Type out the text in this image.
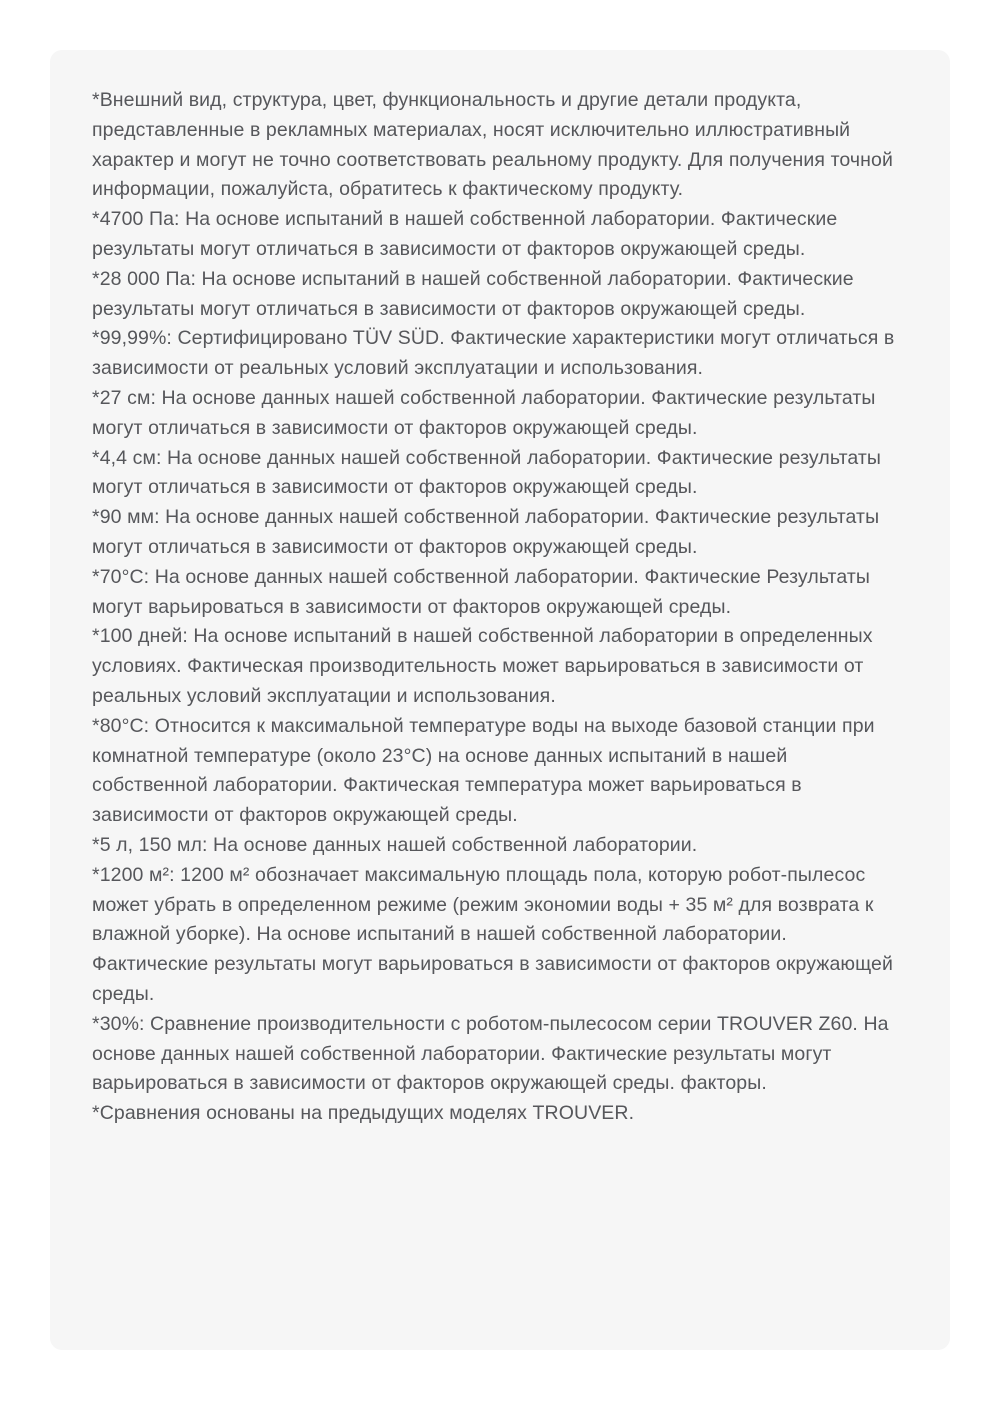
*Внешний вид, структура, цвет, функциональность и другие детали продукта, представленные в рекламных материалах, носят исключительно иллюстративный характер и могут не точно соответствовать реальному продукту. Для получения точной информации, пожалуйста, обратитесь к фактическому продукту.

*4700 Па: На основе испытаний в нашей собственной лаборатории. Фактические результаты могут отличаться в зависимости от факторов окружающей среды.

*28 000 Па: На основе испытаний в нашей собственной лаборатории. Фактические результаты могут отличаться в зависимости от факторов окружающей среды.

*99,99%: Сертифицировано TÜV SÜD. Фактические характеристики могут отличаться в зависимости от реальных условий эксплуатации и использования.

*27 см: На основе данных нашей собственной лаборатории. Фактические результаты могут отличаться в зависимости от факторов окружающей среды.

*4,4 см: На основе данных нашей собственной лаборатории. Фактические результаты могут отличаться в зависимости от факторов окружающей среды.

*90 мм: На основе данных нашей собственной лаборатории. Фактические результаты могут отличаться в зависимости от факторов окружающей среды.

*70°C: На основе данных нашей собственной лаборатории. Фактические Результаты могут варьироваться в зависимости от факторов окружающей среды.

*100 дней: На основе испытаний в нашей собственной лаборатории в определенных условиях. Фактическая производительность может варьироваться в зависимости от реальных условий эксплуатации и использования.

*80°C: Относится к максимальной температуре воды на выходе базовой станции при комнатной температуре (около 23°C) на основе данных испытаний в нашей собственной лаборатории. Фактическая температура может варьироваться в зависимости от факторов окружающей среды.

*5 л, 150 мл: На основе данных нашей собственной лаборатории.

*1200 м²: 1200 м² обозначает максимальную площадь пола, которую робот-пылесос может убрать в определенном режиме (режим экономии воды + 35 м² для возврата к влажной уборке). На основе испытаний в нашей собственной лаборатории. Фактические результаты могут варьироваться в зависимости от факторов окружающей среды.

*30%: Сравнение производительности с роботом-пылесосом серии TROUVER Z60. На основе данных нашей собственной лаборатории. Фактические результаты могут варьироваться в зависимости от факторов окружающей среды. факторы.

*Сравнения основаны на предыдущих моделях TROUVER.
